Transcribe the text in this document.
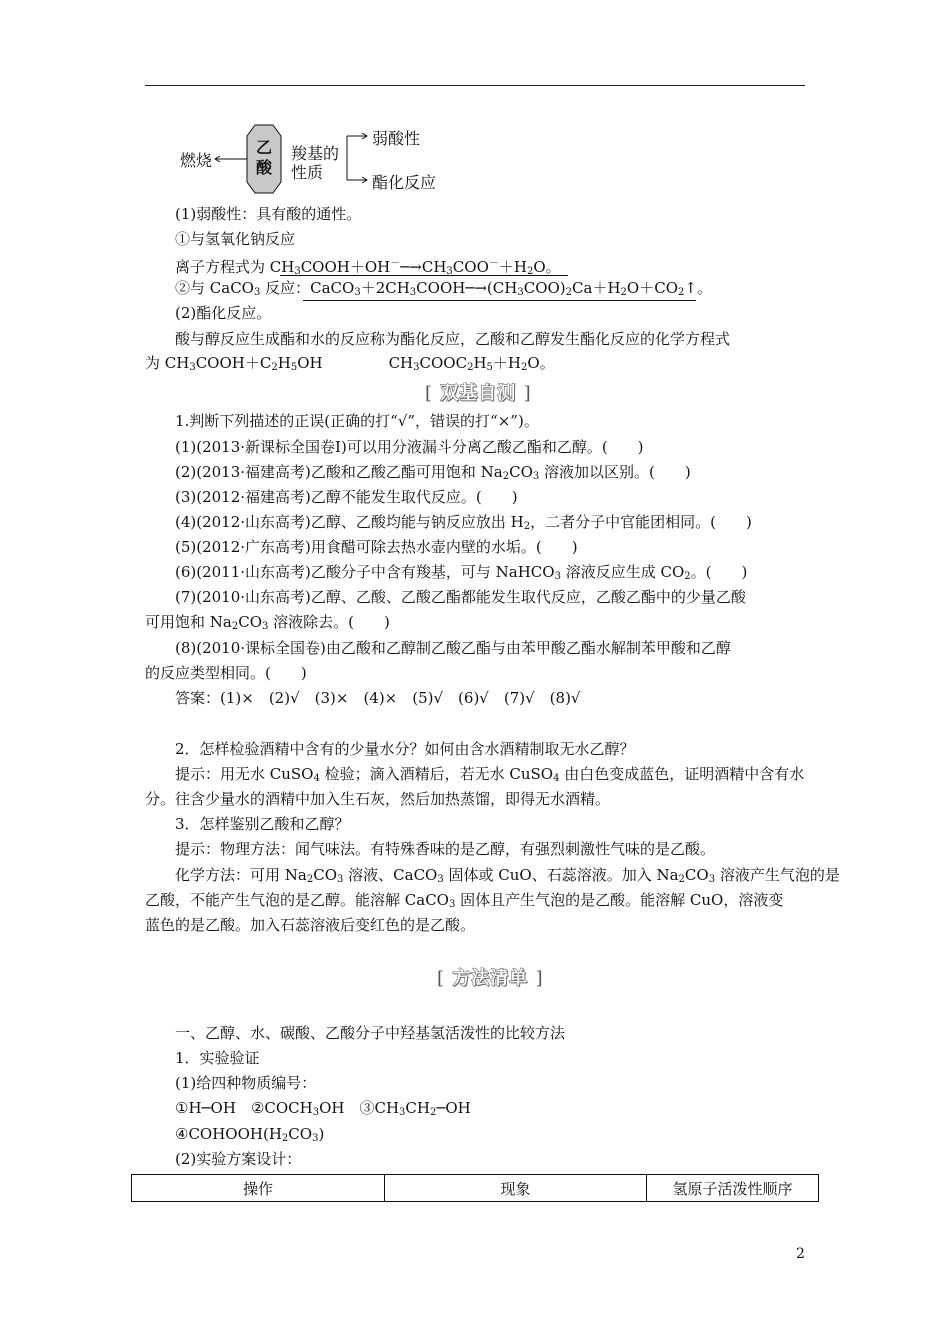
燃烧
乙
酸
羧基的
性质
弱酸性
酯化反应
(1)弱酸性：具有酸的通性。
①与氢氧化钠反应
离子方程式为 $CH_3COOH+OH^-─\to CH_3COO^-+H_2O$。
②与 CaCO$_3$ 反应：$CaCO_3+2CH_3COOH─\to(CH_3COO)_2Ca+H_2O+CO_2↑$。
(2)酯化反应。
酸与醇反应生成酯和水的反应称为酯化反应，乙酸和乙醇发生酯化反应的化学方程式
为 $CH_3COOH+C_2H_5OH$	$CH_3COOC_2H_5+H_2O$。
[ 双基自测 ]
1.判断下列描述的正误(正确的打“√”，错误的打“×”)。
(1)(2013·新课标全国卷Ⅰ)可以用分液漏斗分离乙酸乙酯和乙醇。(　　)
(2)(2013·福建高考)乙酸和乙酸乙酯可用饱和 $Na_2CO_3$ 溶液加以区别。(　　)
(3)(2012·福建高考)乙醇不能发生取代反应。(　　)
(4)(2012·山东高考)乙醇、乙酸均能与钠反应放出 $H_2$，二者分子中官能团相同。(　　)
(5)(2012·广东高考)用食醋可除去热水壶内壁的水垢。(　　)
(6)(2011·山东高考)乙酸分子中含有羧基，可与 NaHCO$_3$ 溶液反应生成 $CO_2$。(　　)
(7)(2010·山东高考)乙醇、乙酸、乙酸乙酯都能发生取代反应，乙酸乙酯中的少量乙酸
可用饱和 $Na_2CO_3$ 溶液除去。(　　)
(8)(2010·课标全国卷)由乙酸和乙醇制乙酸乙酯与由苯甲酸乙酯水解制苯甲酸和乙醇
的反应类型相同。(　　)
答案：(1)×　(2)√　(3)×　(4)×　(5)√　(6)√　(7)√　(8)√
2．怎样检验酒精中含有的少量水分？如何由含水酒精制取无水乙醇？
提示：用无水 CuSO$_4$ 检验；滴入酒精后，若无水 CuSO$_4$ 由白色变成蓝色，证明酒精中含有水
分。往含少量水的酒精中加入生石灰，然后加热蒸馏，即得无水酒精。
3．怎样鉴别乙酸和乙醇？
提示：物理方法：闻气味法。有特殊香味的是乙醇，有强烈刺激性气味的是乙酸。
化学方法：可用 $Na_2CO_3$ 溶液、CaCO$_3$ 固体或 CuO、石蕊溶液。加入 $Na_2CO_3$ 溶液产生气泡的是
乙酸，不能产生气泡的是乙醇。能溶解 CaCO$_3$ 固体且产生气泡的是乙酸。能溶解 CuO，溶液变
蓝色的是乙酸。加入石蕊溶液后变红色的是乙酸。
[ 方法清单 ]
一、乙醇、水、碳酸、乙酸分子中羟基氢活泼性的比较方法
1．实验验证
(1)给四种物质编号：
①H─OH　$②COCH_3OH$　$③CH_3CH_2─OH$
$④COHOOH(H_2CO_3)$
(2)实验方案设计：
操作	现象	氢原子活泼性顺序
2
